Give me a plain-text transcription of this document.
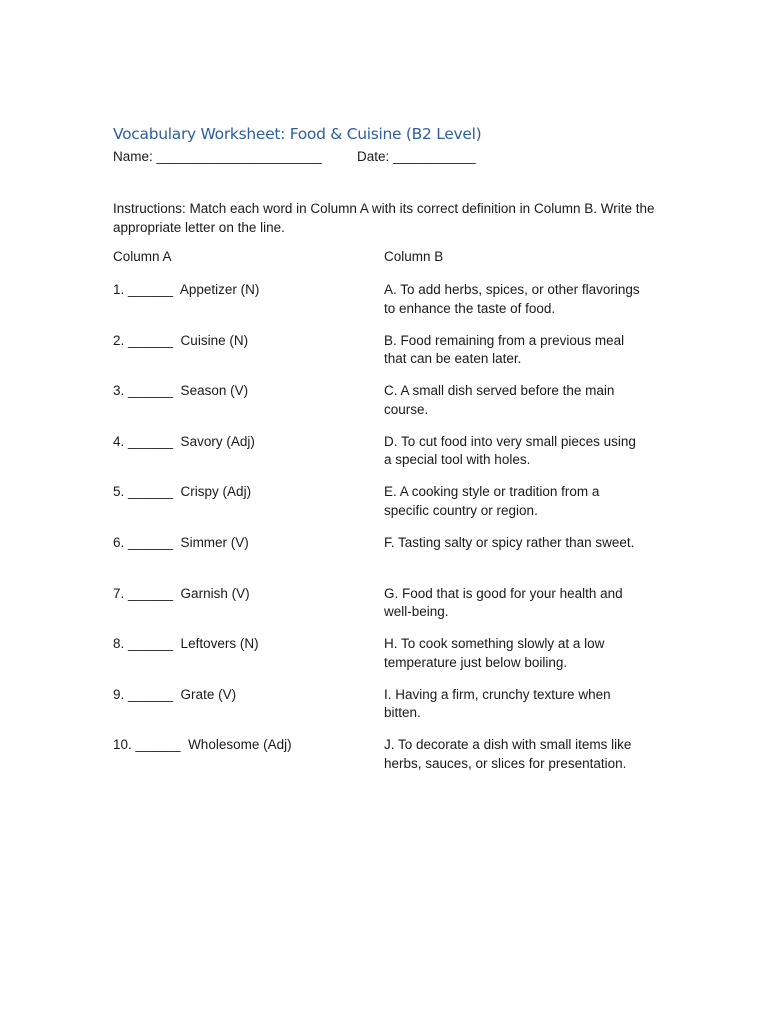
Vocabulary Worksheet: Food & Cuisine (B2 Level)
Name: ______________________	Date: ___________
Instructions: Match each word in Column A with its correct definition in Column B. Write the appropriate letter on the line.
Column A	Column B
1. ______  Appetizer (N)	A. To add herbs, spices, or other flavorings to enhance the taste of food.
2. ______  Cuisine (N)	B. Food remaining from a previous meal that can be eaten later.
3. ______  Season (V)	C. A small dish served before the main course.
4. ______  Savory (Adj)	D. To cut food into very small pieces using a special tool with holes.
5. ______  Crispy (Adj)	E. A cooking style or tradition from a specific country or region.
6. ______  Simmer (V)	F. Tasting salty or spicy rather than sweet.
7. ______  Garnish (V)	G. Food that is good for your health and well-being.
8. ______  Leftovers (N)	H. To cook something slowly at a low temperature just below boiling.
9. ______  Grate (V)	I. Having a firm, crunchy texture when bitten.
10. ______  Wholesome (Adj)	J. To decorate a dish with small items like herbs, sauces, or slices for presentation.
